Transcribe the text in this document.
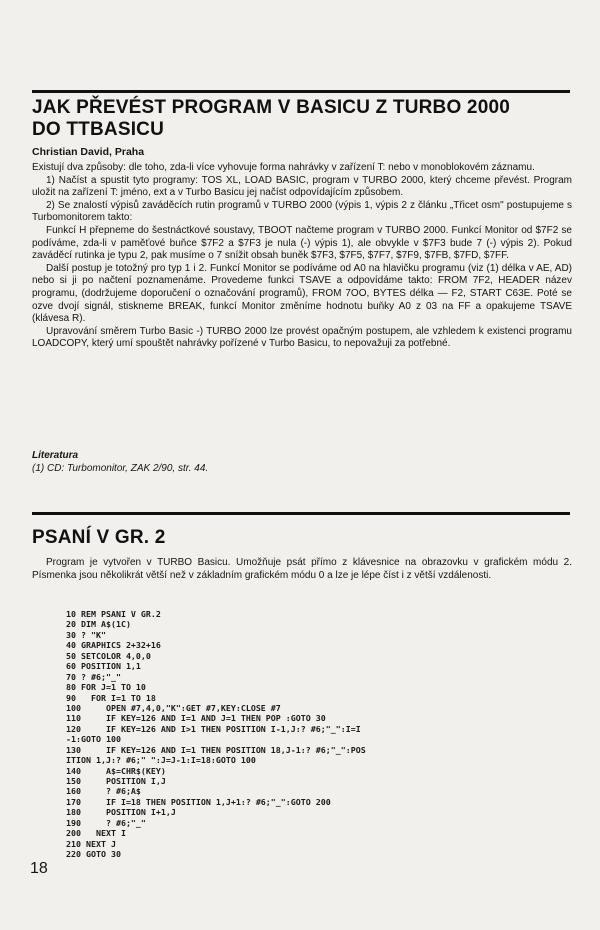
JAK PŘEVÉST PROGRAM V BASICU Z TURBO 2000
DO TTBASICU
Christian David, Praha

Existují dva způsoby: dle toho, zda-li více vyhovuje forma nahrávky v zařízení T: nebo v monoblokovém záznamu.

1) Načíst a spustit tyto programy: TOS XL, LOAD BASIC, program v TURBO 2000, který chceme převést. Program uložit na zařízení T: jméno, ext a v Turbo Basicu jej načíst odpovídajícím způsobem.

2) Se znalostí výpisů zaváděcích rutin programů v TURBO 2000 (výpis 1, výpis 2 z článku „Třicet osm" postupujeme s Turbomonitorem takto:

Funkcí H přepneme do šestnáctkové soustavy, TBOOT načteme program v TURBO 2000. Funkcí Monitor od $7F2 se podíváme, zda-li v paměťové buňce $7F2 a $7F3 je nula (-) výpis 1), ale obvykle v $7F3 bude 7 (-) výpis 2). Pokud zaváděcí rutinka je typu 2, pak musíme o 7 snížit obsah buněk $7F3, $7F5, $7F7, $7F9, $7FB, $7FD, $7FF.

Další postup je totožný pro typ 1 i 2. Funkcí Monitor se podíváme od A0 na hlavičku programu (viz (1) délka v AE, AD) nebo si ji po načtení poznamenáme. Provedeme funkci TSAVE a odpovídáme takto: FROM 7F2, HEADER název programu, (dodržujeme doporučení o označování programů), FROM 7OO, BYTES délka — F2, START C63E. Poté se ozve dvojí signál, stiskneme BREAK, funkcí Monitor změníme hodnotu buňky A0 z 03 na FF a opakujeme TSAVE (klávesa R).

Upravování směrem Turbo Basic -) TURBO 2000 lze provést opačným postupem, ale vzhledem k existenci programu LOADCOPY, který umí spouštět nahrávky pořízené v Turbo Basicu, to nepovažuji za potřebné.

Literatura
(1) CD: Turbomonitor, ZAK 2/90, str. 44.
PSANÍ V GR. 2

Program je vytvořen v TURBO Basicu. Umožňuje psát přímo z klávesnice na obrazovku v grafickém módu 2. Písmenka jsou několikrát větší než v základním grafickém módu 0 a lze je lépe číst i z větší vzdálenosti.

10 REM PSANI V GR.2
20 DIM A$(1C)
30 ? "K"
40 GRAPHICS 2+32+16
50 SETCOLOR 4,0,0
60 POSITION 1,1
70 ? #6;"_"
80 FOR J=1 TO 10
90   FOR I=1 TO 18
100     OPEN #7,4,0,"K":GET #7,KEY:CLOSE #7
110     IF KEY=126 AND I=1 AND J=1 THEN POP :GOTO 30
120     IF KEY=126 AND I>1 THEN POSITION I-1,J:? #6;"_":I=I
-1:GOTO 100
130     IF KEY=126 AND I=1 THEN POSITION 18,J-1:? #6;"_":POS
ITION 1,J:? #6;" ":J=J-1:I=18:GOTO 100
140     A$=CHR$(KEY)
150     POSITION I,J
160     ? #6;A$
170     IF I=18 THEN POSITION 1,J+1:? #6;"_":GOTO 200
180     POSITION I+1,J
190     ? #6;"_"
200   NEXT I
210 NEXT J
220 GOTO 30
18
